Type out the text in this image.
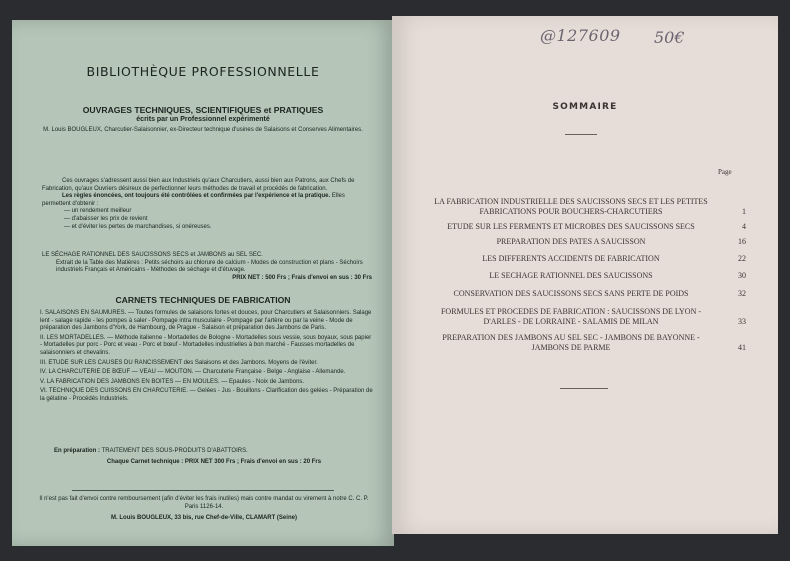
BIBLIOTHÈQUE PROFESSIONNELLE
OUVRAGES TECHNIQUES, SCIENTIFIQUES et PRATIQUES
écrits par un Professionnel expérimenté
M. Louis BOUGLEUX, Charcutier-Salaisonnier, ex-Directeur technique d'usines de Salaisons et Conserves Alimentaires.
Ces ouvrages s'adressent aussi bien aux Industriels qu'aux Charcutiers, aussi bien aux Patrons, aux Chefs de Fabrication, qu'aux Ouvriers désireux de perfectionner leurs méthodes de travail et procédés de fabrication.
Les règles énoncées, ont toujours été contrôlées et confirmées par l'expérience et la pratique. Elles permettent d'obtenir :
— un rendement meilleur
— d'abaisser les prix de revient
— et d'éviter les pertes de marchandises, si onéreuses.
LE SÉCHAGE RATIONNEL DES SAUCISSONS SECS et JAMBONS au SEL SEC.
Extrait de la Table des Matières : Petits séchoirs au chlorure de calcium - Modes de construction et plans - Séchoirs industriels Français et Américains - Méthodes de séchage et d'étuvage.
PRIX NET : 500 Frs ; Frais d'envoi en sus : 30 Frs
CARNETS TECHNIQUES DE FABRICATION

I. SALAISONS EN SAUMURES. — Toutes formules de salaisons fortes et douces, pour Charcutiers et Salaisonniers. Salage lent - salage rapide - les pompes à saler - Pompage intra musculaire - Pompage par l'artère ou par la veine - Mode de préparation des Jambons d'York, de Hambourg, de Prague - Salaison et préparation des Jambons de Paris.

II. LES MORTADELLES. — Méthode italienne - Mortadelles de Bologne - Mortadelles sous vessie, sous boyaux, sous papier - Mortadelles pur porc - Porc et veau - Porc et bœuf - Mortadelles industrielles à bon marché - Fausses mortadelles de salaisonniers et chevalins.

III. ETUDE SUR LES CAUSES DU RANCISSEMENT des Salaisons et des Jambons. Moyens de l'éviter.

IV. LA CHARCUTERIE DE BŒUF — VEAU — MOUTON. — Charcuterie Française - Belge - Anglaise - Allemande.

V. LA FABRICATION DES JAMBONS EN BOITES — EN MOULES. — Epaules - Noix de Jambons.

VI. TECHNIQUE DES CUISSONS EN CHARCUTERIE. — Gelées - Jus - Bouillons - Clarification des gelées - Préparation de la gélatine - Procédés Industriels.

En préparation : TRAITEMENT DES SOUS-PRODUITS D'ABATTOIRS.
Chaque Carnet technique : PRIX NET 300 Frs ; Frais d'envoi en sus : 20 Frs
Il n'est pas fait d'envoi contre remboursement (afin d'éviter les frais inutiles) mais contre mandat ou virement à notre C. C. P. Paris 1126-14.
M. Louis BOUGLEUX, 33 bis, rue Chef-de-Ville, CLAMART (Seine)
@127609 50€
SOMMAIRE
Page
LA FABRICATION INDUSTRIELLE DES SAUCISSONS SECS ET LES PETITES FABRICATIONS POUR BOUCHERS-CHARCUTIERS	1
ETUDE SUR LES FERMENTS ET MICROBES DES SAUCISSONS SECS	4
PREPARATION DES PATES A SAUCISSON	16
LES DIFFERENTS ACCIDENTS DE FABRICATION	22
LE SECHAGE RATIONNEL DES SAUCISSONS	30
CONSERVATION DES SAUCISSONS SECS SANS PERTE DE POIDS	32
FORMULES ET PROCEDES DE FABRICATION : SAUCISSONS DE LYON - D'ARLES - DE LORRAINE - SALAMIS DE MILAN	33
PREPARATION DES JAMBONS AU SEL SEC - JAMBONS DE BAYONNE - JAMBONS DE PARME	41
